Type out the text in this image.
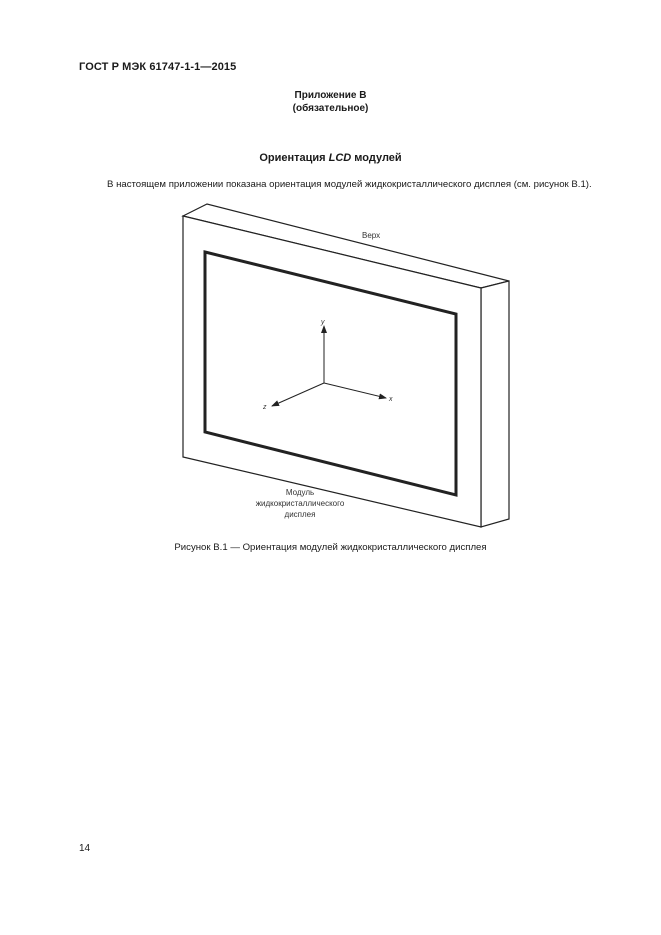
ГОСТ Р МЭК 61747-1-1—2015
Приложение В
(обязательное)
Ориентация LCD модулей
В настоящем приложении показана ориентация модулей жидкокристаллического дисплея (см. рисунок В.1).
y
x
z
Верх
Модуль
жидкокристаллического
дисплея
Рисунок В.1 — Ориентация модулей жидкокристаллического дисплея
14
